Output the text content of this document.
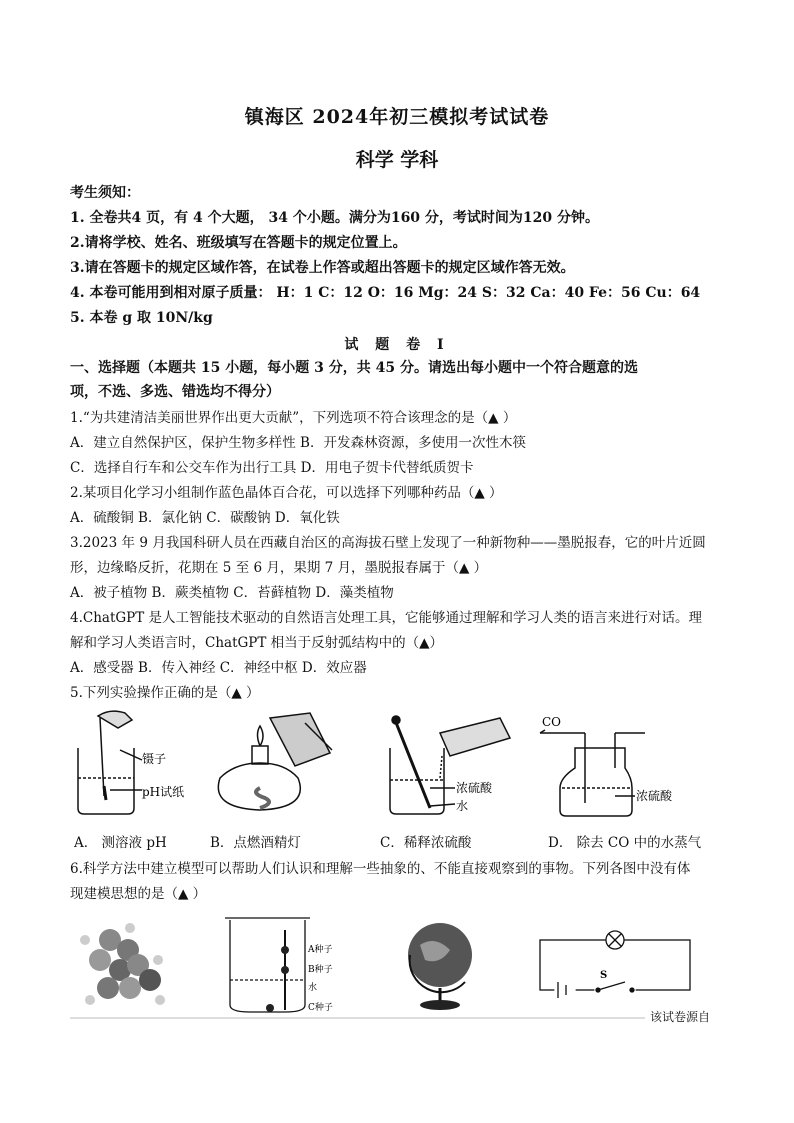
镇海区 2024年初三模拟考试试卷
科学 学科
考生须知：
1. 全卷共4 页，有 4 个大题， 34 个小题。满分为160 分，考试时间为120 分钟。
2.请将学校、姓名、班级填写在答题卡的规定位置上。
3.请在答题卡的规定区域作答，在试卷上作答或超出答题卡的规定区域作答无效。
4. 本卷可能用到相对原子质量： H：1 C：12 O：16 Mg：24 S：32 Ca：40 Fe：56 Cu：64
5. 本卷 g 取 10N/kg
试 题 卷 I
一、选择题（本题共 15 小题，每小题 3 分，共 45 分。请选出每小题中一个符合题意的选
项，不选、多选、错选均不得分）
1.“为共建清洁美丽世界作出更大贡献”，下列选项不符合该理念的是（▲ ）
A．建立自然保护区，保护生物多样性 B．开发森林资源，多使用一次性木筷
C．选择自行车和公交车作为出行工具 D．用电子贺卡代替纸质贺卡
2.某项目化学习小组制作蓝色晶体百合花，可以选择下列哪种药品（▲ ）
A．硫酸铜 B．氯化钠 C．碳酸钠 D．氧化铁
3.2023 年 9 月我国科研人员在西藏自治区的高海拔石壁上发现了一种新物种——墨脱报春，它的叶片近圆
形，边缘略反折，花期在 5 至 6 月，果期 7 月，墨脱报春属于（▲ ）
A．被子植物 B．蕨类植物 C．苔藓植物 D．藻类植物
4.ChatGPT 是人工智能技术驱动的自然语言处理工具，它能够通过理解和学习人类的语言来进行对话。理
解和学习人类语言时，ChatGPT 相当于反射弧结构中的（▲）
A．感受器 B．传入神经 C．神经中枢 D．效应器
5.下列实验操作正确的是（▲ ）
镊子
pH试纸	浓硫酸
水
CO
浓硫酸
A． 测溶液 pH	B．点燃酒精灯	C．稀释浓硫酸	D． 除去 CO 中的水蒸气
6.科学方法中建立模型可以帮助人们认识和理解一些抽象的、不能直接观察到的事物。下列各图中没有体
现建模思想的是（▲ ）
A种子
B种子
水
C种子
S
该试卷源自
